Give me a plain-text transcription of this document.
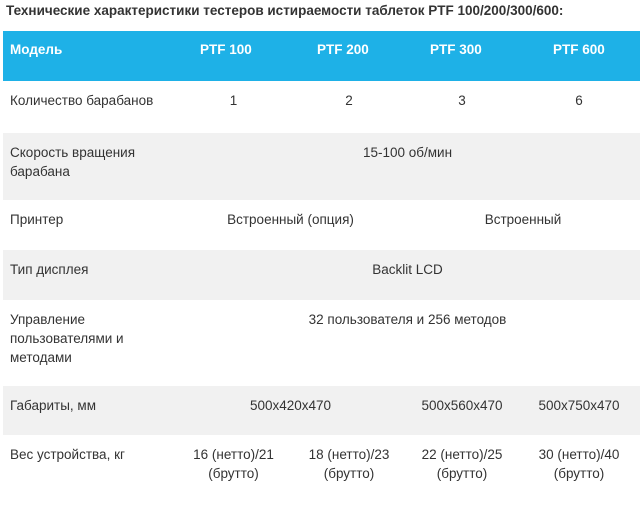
Технические характеристики тестеров истираемости таблеток PTF 100/200/300/600:
Модель	PTF 100	PTF 200	PTF 300	PTF 600
Количество барабанов	1	2	3	6
Скорость вращения барабана	15-100 об/мин			
Принтер	Встроенный (опция)		Встроенный	
Тип дисплея	Backlit LCD			
Управление пользователями и методами	32 пользователя и 256 методов			
Габариты, мм	500x420x470		500x560x470	500x750x470
Вес устройства, кг	16 (нетто)/21 (брутто)	18 (нетто)/23 (брутто)	22 (нетто)/25 (брутто)	30 (нетто)/40 (брутто)
